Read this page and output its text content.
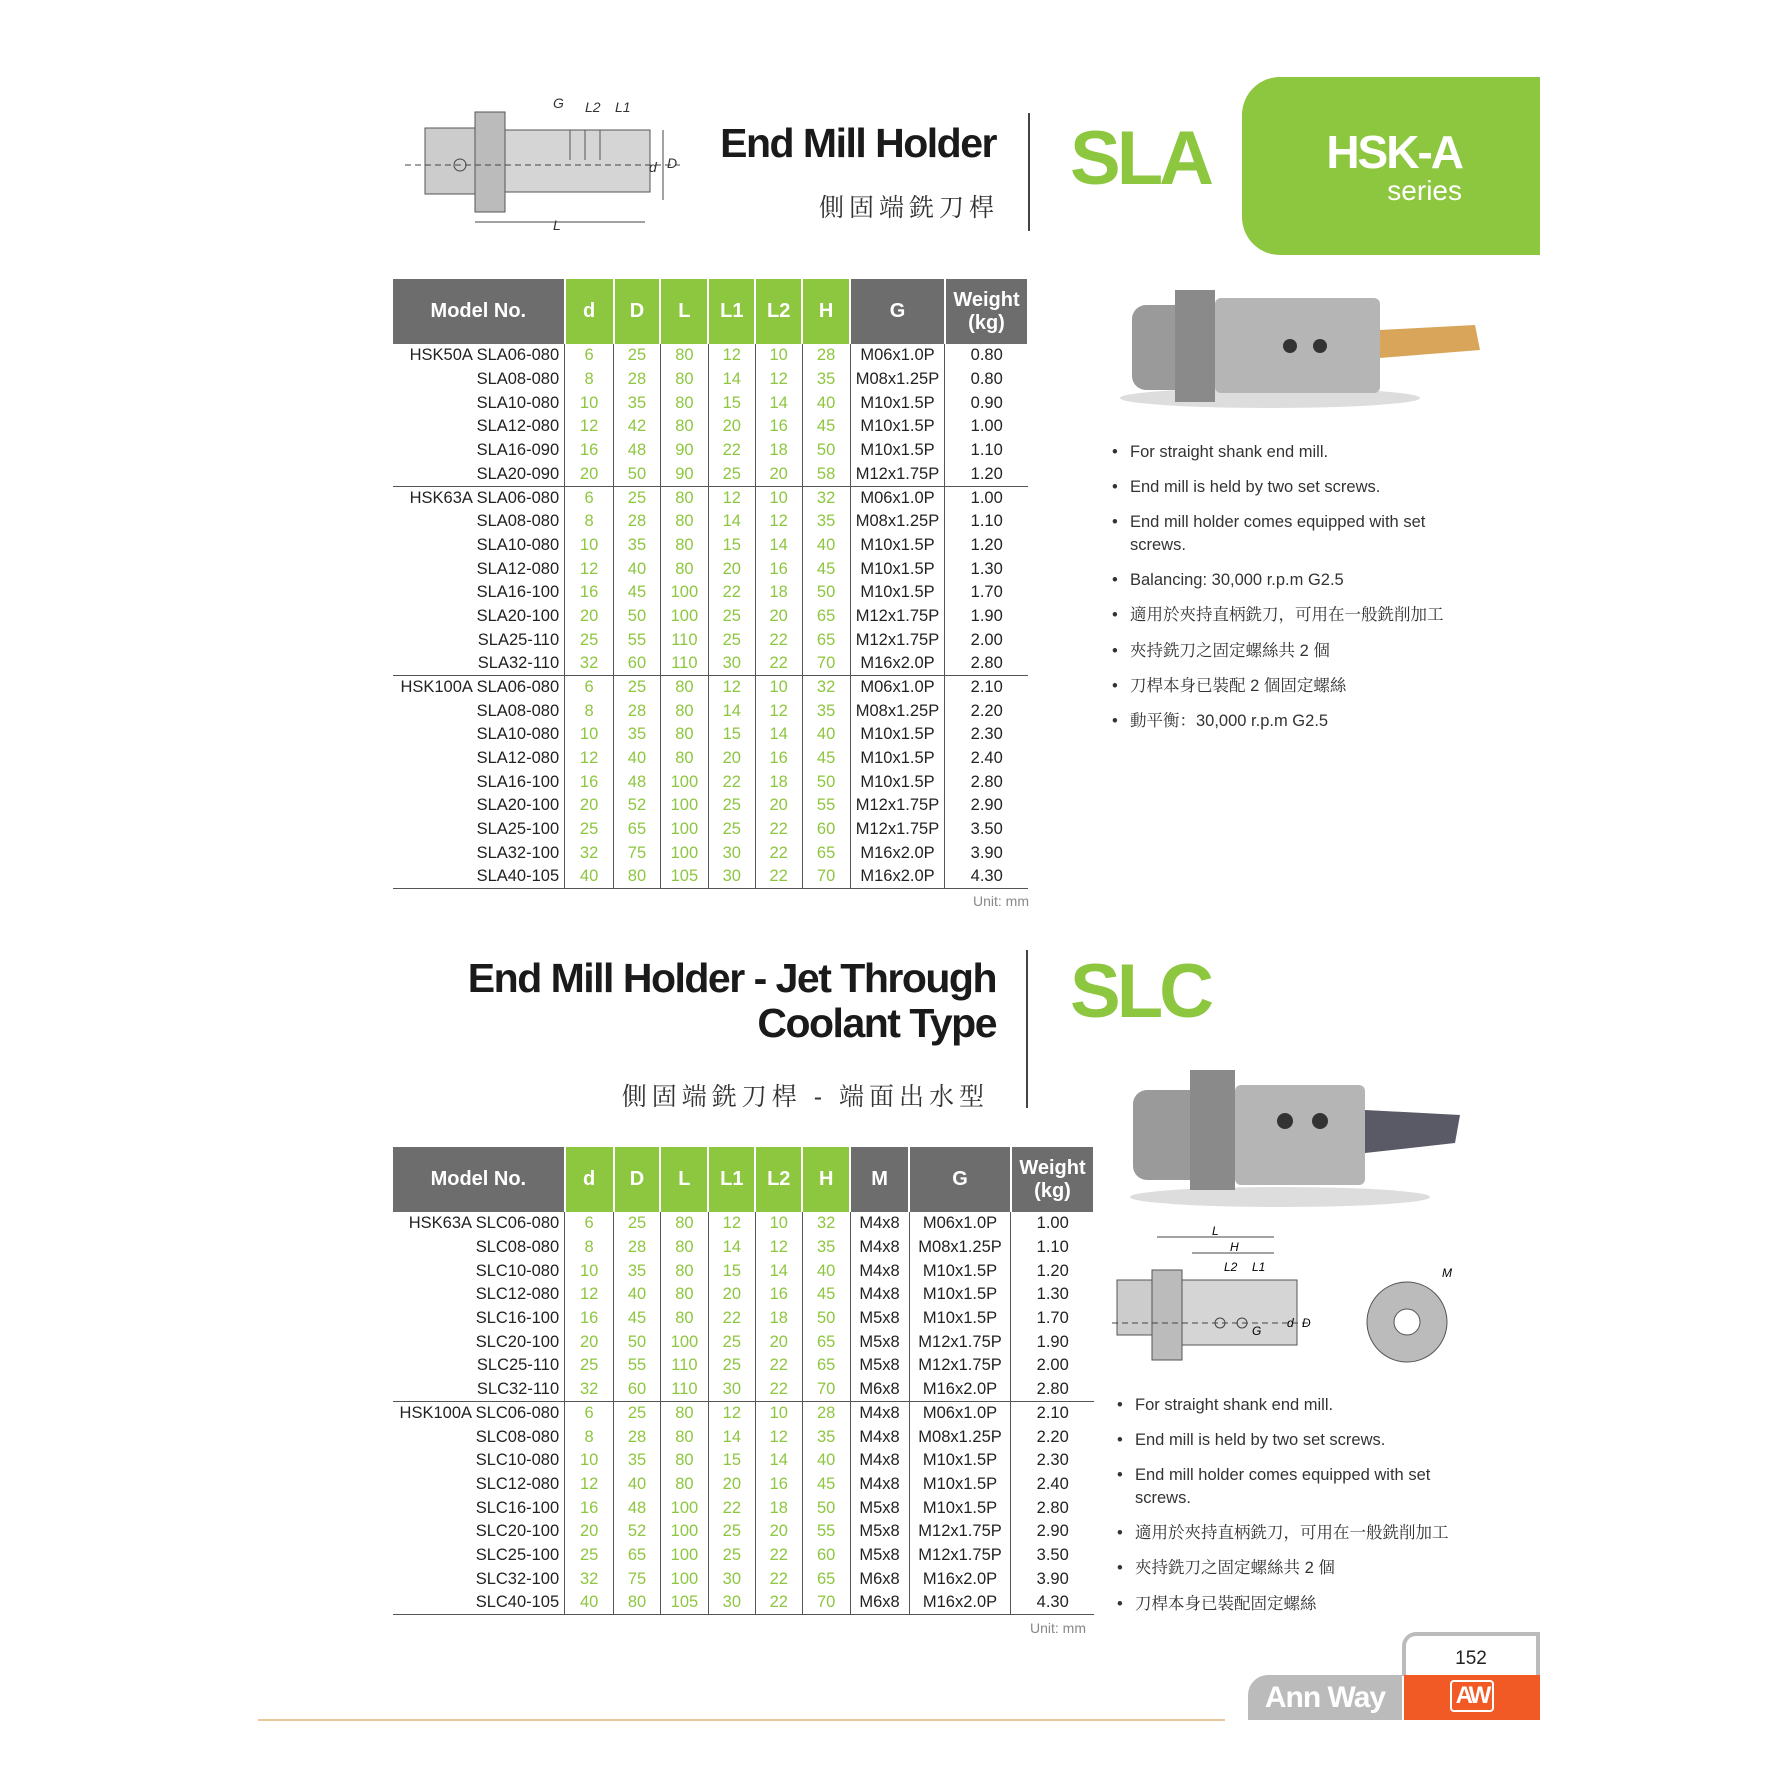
G L2 L1
d D
L
End Mill Holder
側固端銑刀桿
SLA	HSK-A
series
Model No.	d	D	L	L1	L2	H	G	Weight (kg)
HSK50A SLA06-080	6	25	80	12	10	28	M06x1.0P	0.80
SLA08-080	8	28	80	14	12	35	M08x1.25P	0.80
SLA10-080	10	35	80	15	14	40	M10x1.5P	0.90
SLA12-080	12	42	80	20	16	45	M10x1.5P	1.00
SLA16-090	16	48	90	22	18	50	M10x1.5P	1.10
SLA20-090	20	50	90	25	20	58	M12x1.75P	1.20
HSK63A SLA06-080	6	25	80	12	10	32	M06x1.0P	1.00
SLA08-080	8	28	80	14	12	35	M08x1.25P	1.10
SLA10-080	10	35	80	15	14	40	M10x1.5P	1.20
SLA12-080	12	40	80	20	16	45	M10x1.5P	1.30
SLA16-100	16	45	100	22	18	50	M10x1.5P	1.70
SLA20-100	20	50	100	25	20	65	M12x1.75P	1.90
SLA25-110	25	55	110	25	22	65	M12x1.75P	2.00
SLA32-110	32	60	110	30	22	70	M16x2.0P	2.80
HSK100A SLA06-080	6	25	80	12	10	32	M06x1.0P	2.10
SLA08-080	8	28	80	14	12	35	M08x1.25P	2.20
SLA10-080	10	35	80	15	14	40	M10x1.5P	2.30
SLA12-080	12	40	80	20	16	45	M10x1.5P	2.40
SLA16-100	16	48	100	22	18	50	M10x1.5P	2.80
SLA20-100	20	52	100	25	20	55	M12x1.75P	2.90
SLA25-100	25	65	100	25	22	60	M12x1.75P	3.50
SLA32-100	32	75	100	30	22	65	M16x2.0P	3.90
SLA40-105	40	80	105	30	22	70	M16x2.0P	4.30
Unit: mm
• For straight shank end mill.
• End mill is held by two set screws.
• End mill holder comes equipped with set screws.
• Balancing: 30,000 r.p.m G2.5
• 適用於夾持直柄銑刀，可用在一般銑削加工
• 夾持銑刀之固定螺絲共 2 個
• 刀桿本身已裝配 2 個固定螺絲
• 動平衡：30,000 r.p.m G2.5
End Mill Holder - Jet Through
Coolant Type
側固端銑刀桿 - 端面出水型
SLC
Model No.	d	D	L	L1	L2	H	M	G	Weight (kg)
HSK63A SLC06-080	6	25	80	12	10	32	M4x8	M06x1.0P	1.00
SLC08-080	8	28	80	14	12	35	M4x8	M08x1.25P	1.10
SLC10-080	10	35	80	15	14	40	M4x8	M10x1.5P	1.20
SLC12-080	12	40	80	20	16	45	M4x8	M10x1.5P	1.30
SLC16-100	16	45	80	22	18	50	M5x8	M10x1.5P	1.70
SLC20-100	20	50	100	25	20	65	M5x8	M12x1.75P	1.90
SLC25-110	25	55	110	25	22	65	M5x8	M12x1.75P	2.00
SLC32-110	32	60	110	30	22	70	M6x8	M16x2.0P	2.80
HSK100A SLC06-080	6	25	80	12	10	28	M4x8	M06x1.0P	2.10
SLC08-080	8	28	80	14	12	35	M4x8	M08x1.25P	2.20
SLC10-080	10	35	80	15	14	40	M4x8	M10x1.5P	2.30
SLC12-080	12	40	80	20	16	45	M4x8	M10x1.5P	2.40
SLC16-100	16	48	100	22	18	50	M5x8	M10x1.5P	2.80
SLC20-100	20	52	100	25	20	55	M5x8	M12x1.75P	2.90
SLC25-100	25	65	100	25	22	60	M5x8	M12x1.75P	3.50
SLC32-100	32	75	100	30	22	65	M6x8	M16x2.0P	3.90
SLC40-105	40	80	105	30	22	70	M6x8	M16x2.0P	4.30
Unit: mm
L
H
L2 L1
G
d D
M
• For straight shank end mill.
• End mill is held by two set screws.
• End mill holder comes equipped with set screws.
• 適用於夾持直柄銑刀，可用在一般銑削加工
• 夾持銑刀之固定螺絲共 2 個
• 刀桿本身已裝配固定螺絲
152
Ann Way	AW
